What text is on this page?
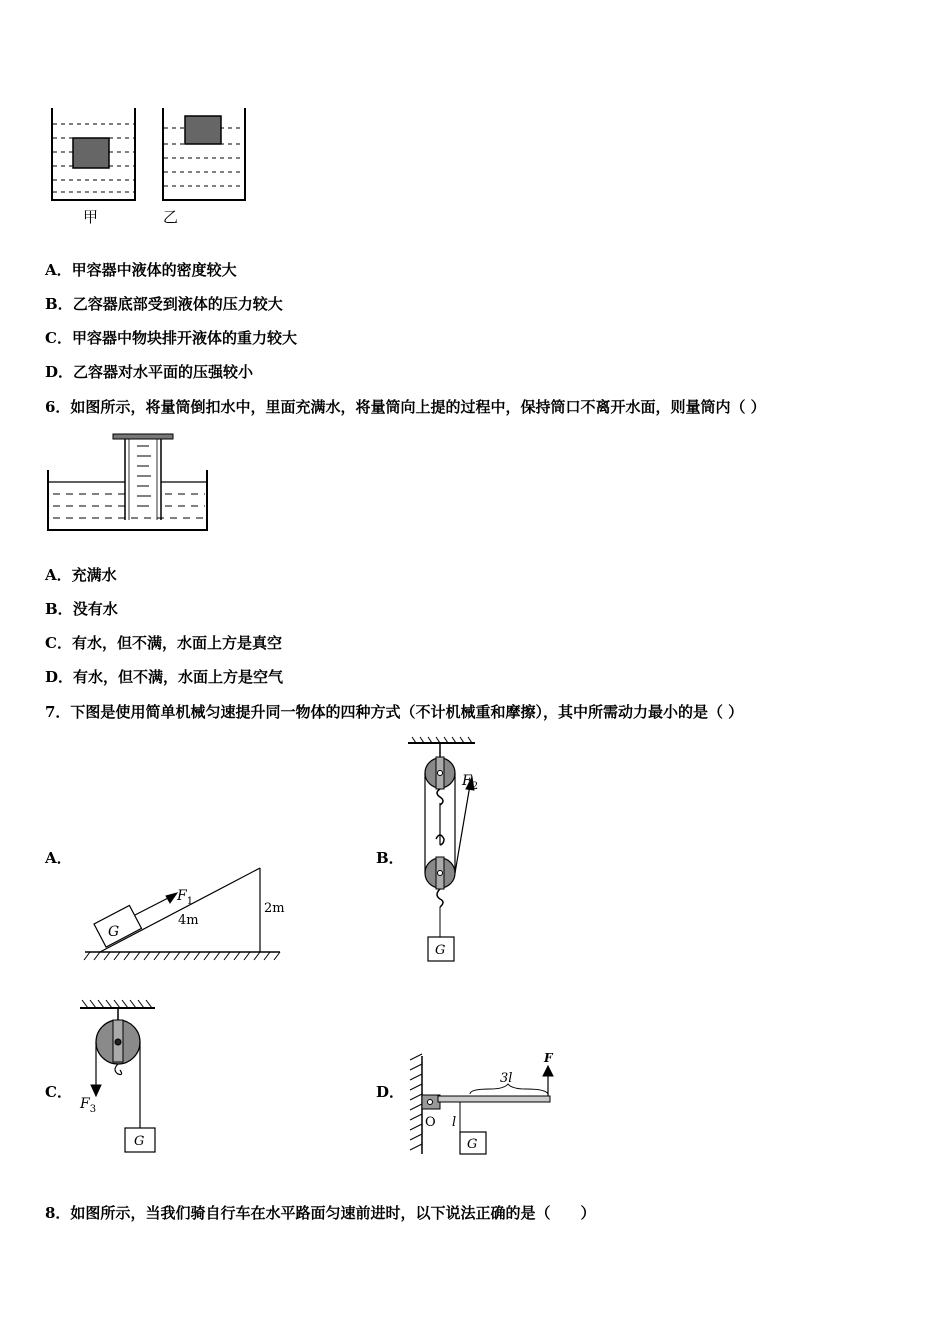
甲	乙
A．甲容器中液体的密度较大
B．乙容器底部受到液体的压力较大
C．甲容器中物块排开液体的重力较大
D．乙容器对水平面的压强较小
6．如图所示，将量筒倒扣水中，里面充满水，将量筒向上提的过程中，保持筒口不离开水面，则量筒内（ ）
A．充满水
B．没有水
C．有水，但不满，水面上方是真空
D．有水，但不满，水面上方是空气
7．下图是使用简单机械匀速提升同一物体的四种方式（不计机械重和摩擦），其中所需动力最小的是（ ）
A．	B．
C．	D．
G
$F_1$
4m
2m
$F_2$
G
$F_3$
G
F
3l
l
O
G
8．如图所示，当我们骑自行车在水平路面匀速前进时，以下说法正确的是（　　）
